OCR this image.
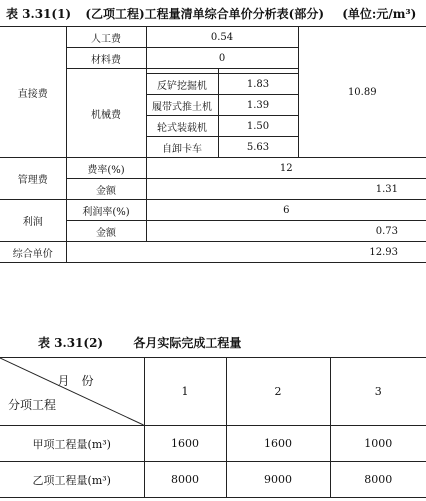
表 3.31(1) (乙项工程)工程量清单综合单价分析表(部分) (单位:元/m³)
直接费	人工费	0.54		10.89
	材料费	0		
	机械费			
		反铲挖掘机	1.83	
		履带式推土机	1.39	
		轮式装载机	1.50	
		自卸卡车	5.63	
管理费	费率(%)	12		
	金额	1.31		
利润	利润率(%)	6		
	金额	0.73		
综合单价	12.93			
表 3.31(2)	各月实际完成工程量
月　份
分项工程	1	2	3
甲项工程量(m³)	1600	1600	1000
乙项工程量(m³)	8000	9000	8000
